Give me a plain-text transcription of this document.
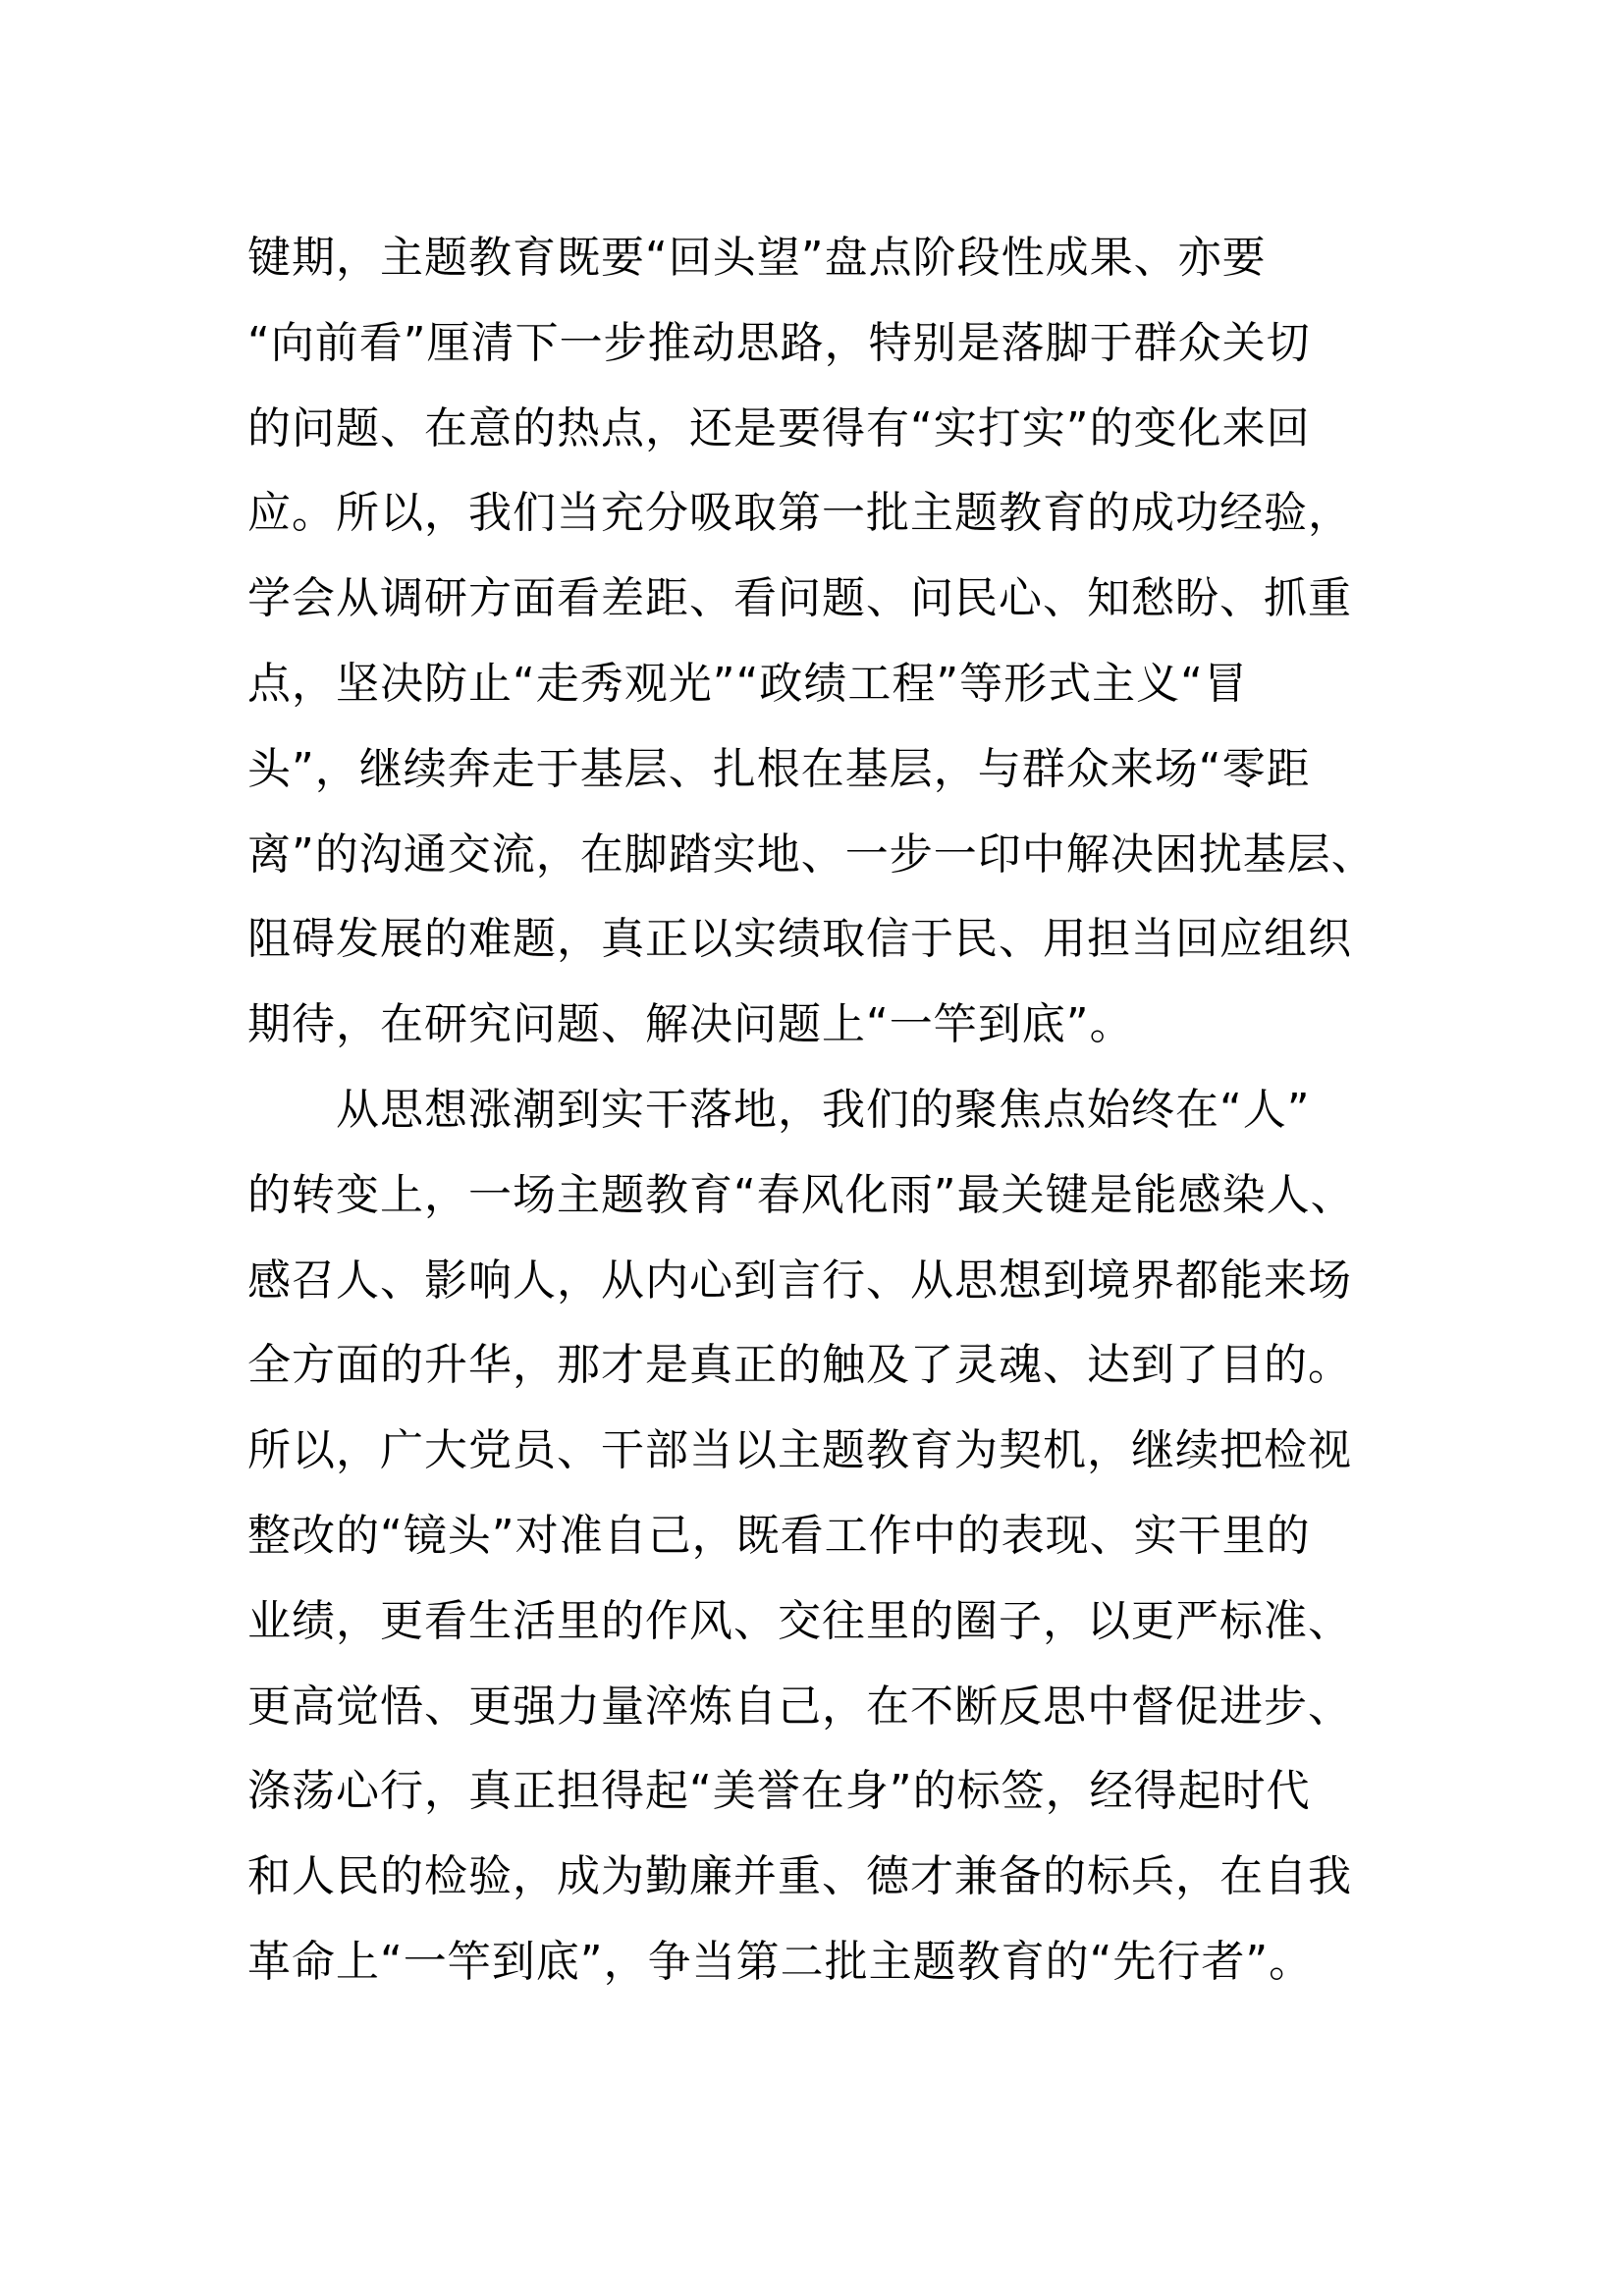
键期，主题教育既要“回头望”盘点阶段性成果、亦要
“向前看”厘清下一步推动思路，特别是落脚于群众关切
的问题、在意的热点，还是要得有“实打实”的变化来回
应。所以，我们当充分吸取第一批主题教育的成功经验，
学会从调研方面看差距、看问题、问民心、知愁盼、抓重
点，坚决防止“走秀观光”“政绩工程”等形式主义“冒
头”，继续奔走于基层、扎根在基层，与群众来场“零距
离”的沟通交流，在脚踏实地、一步一印中解决困扰基层、
阻碍发展的难题，真正以实绩取信于民、用担当回应组织
期待，在研究问题、解决问题上“一竿到底”。
从思想涨潮到实干落地，我们的聚焦点始终在“人”
的转变上，一场主题教育“春风化雨”最关键是能感染人、
感召人、影响人，从内心到言行、从思想到境界都能来场
全方面的升华，那才是真正的触及了灵魂、达到了目的。
所以，广大党员、干部当以主题教育为契机，继续把检视
整改的“镜头”对准自己，既看工作中的表现、实干里的
业绩，更看生活里的作风、交往里的圈子，以更严标准、
更高觉悟、更强力量淬炼自己，在不断反思中督促进步、
涤荡心行，真正担得起“美誉在身”的标签，经得起时代
和人民的检验，成为勤廉并重、德才兼备的标兵，在自我
革命上“一竿到底”，争当第二批主题教育的“先行者”。
